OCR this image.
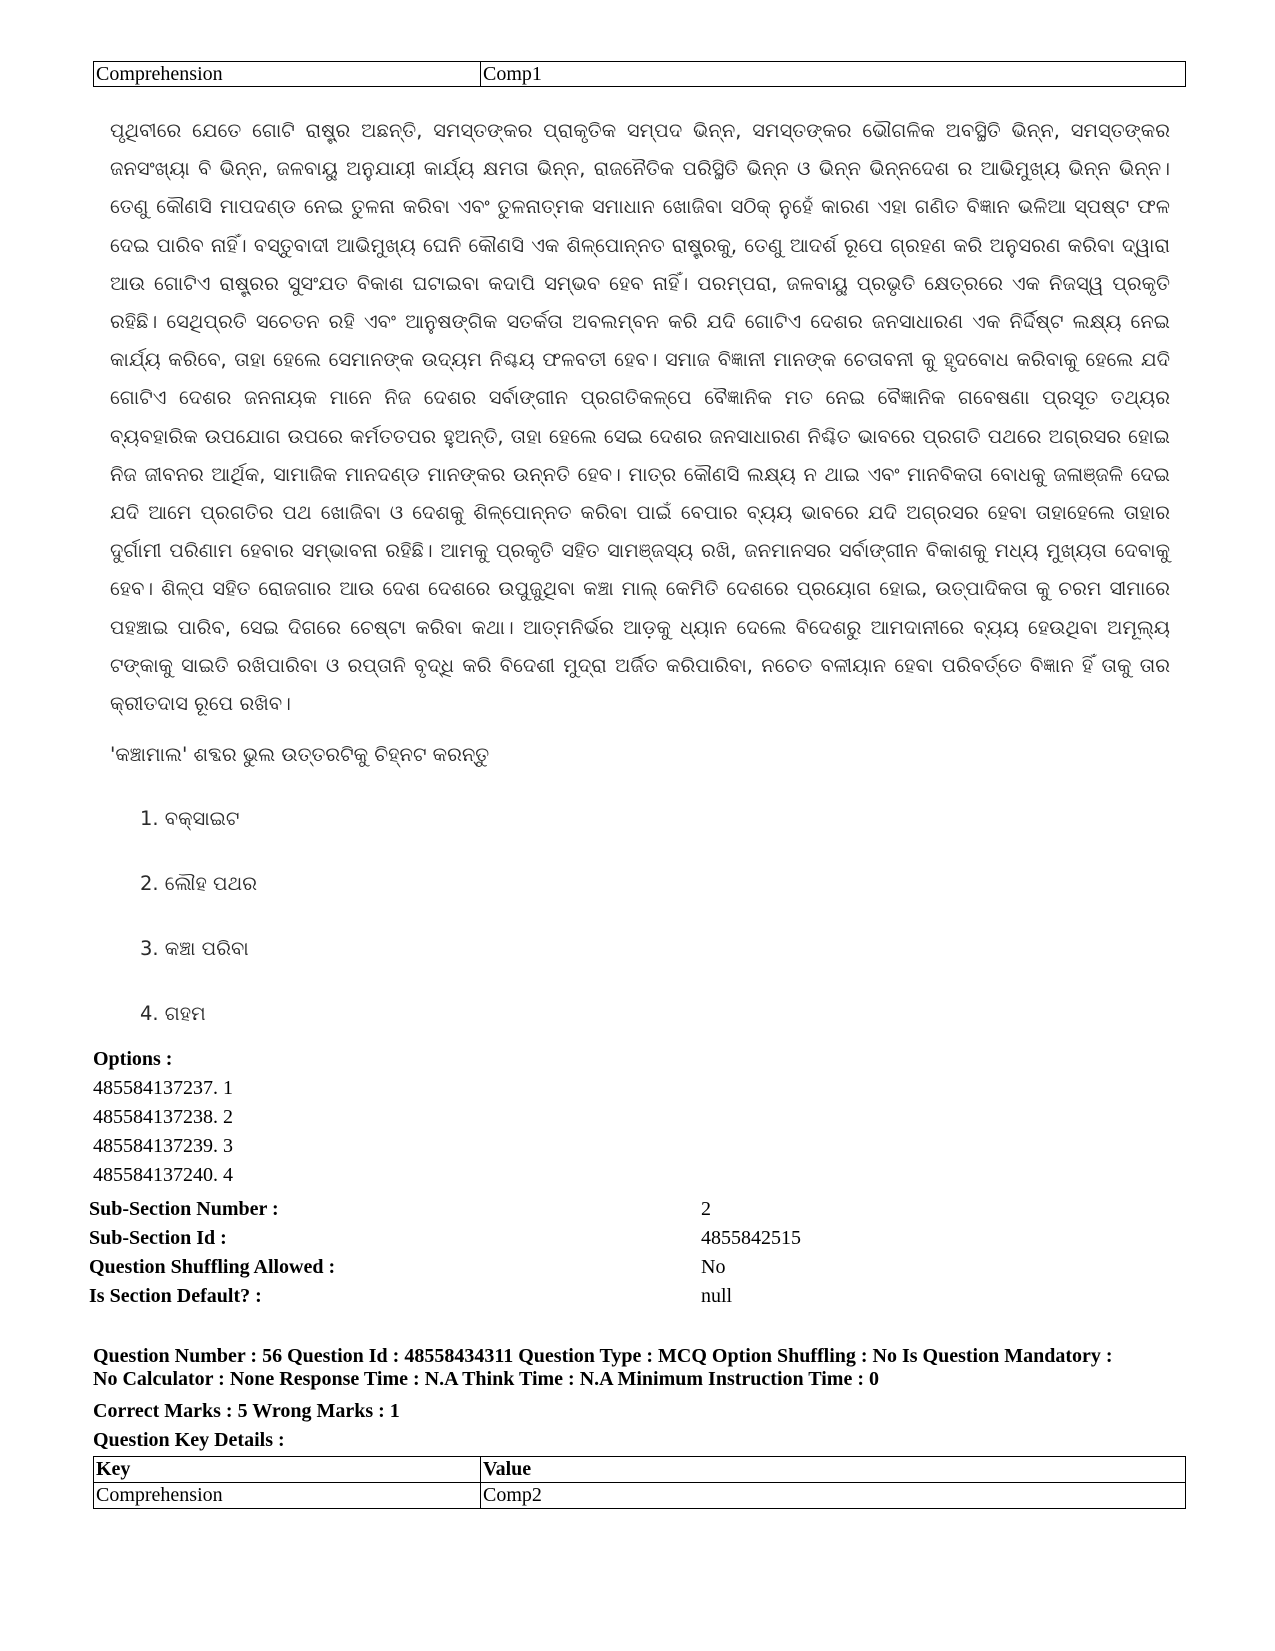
Comprehension	Comp1
ପୃଥିବୀରେ ଯେତେ ଗୋଟି ରାଷ୍ଟ୍ର ଅଛନ୍ତି, ସମସ୍ତଙ୍କର ପ୍ରାକୃତିକ ସମ୍ପଦ ଭିନ୍ନ, ସମସ୍ତଙ୍କର ଭୌଗଳିକ ଅବସ୍ଥିତି ଭିନ୍ନ, ସମସ୍ତଙ୍କର ଜନସଂଖ୍ୟା ବି ଭିନ୍ନ, ଜଳବାୟୁ ଅନୁଯାୟୀ କାର୍ଯ୍ୟ କ୍ଷମତା ଭିନ୍ନ, ରାଜନୈତିକ ପରିସ୍ଥିତି ଭିନ୍ନ ଓ ଭିନ୍ନ ଭିନ୍ନଦେଶ ର ଆଭିମୁଖ୍ୟ ଭିନ୍ନ ଭିନ୍ନ। ତେଣୁ କୌଣସି ମାପଦଣ୍ଡ ନେଇ ତୁଳନା କରିବା ଏବଂ ତୁଳନାତ୍ମକ ସମାଧାନ ଖୋଜିବା ସଠିକ୍ ନୁହେଁ କାରଣ ଏହା ଗଣିତ ବିଜ୍ଞାନ ଭଳିଆ ସ୍ପଷ୍ଟ ଫଳ ଦେଇ ପାରିବ ନାହିଁ। ବସ୍ତୁବାଦୀ ଆଭିମୁଖ୍ୟ ଘେନି କୌଣସି ଏକ ଶିଳ୍ପୋନ୍ନତ ରାଷ୍ଟ୍ରକୁ, ତେଣୁ ଆଦର୍ଶ ରୂପେ ଗ୍ରହଣ କରି ଅନୁସରଣ କରିବା ଦ୍ୱାରା ଆଉ ଗୋଟିଏ ରାଷ୍ଟ୍ରର ସୁସଂଯତ ବିକାଶ ଘଟାଇବା କଦାପି ସମ୍ଭବ ହେବ ନାହିଁ। ପରମ୍ପରା, ଜଳବାୟୁ ପ୍ରଭୃତି କ୍ଷେତ୍ରରେ ଏକ ନିଜସ୍ୱ ପ୍ରକୃତି ରହିଛି। ସେଥିପ୍ରତି ସଚେତନ ରହି ଏବଂ ଆନୁଷଙ୍ଗିକ ସତର୍କତା ଅବଲମ୍ବନ କରି ଯଦି ଗୋଟିଏ ଦେଶର ଜନସାଧାରଣ ଏକ ନିର୍ଦ୍ଦିଷ୍ଟ ଲକ୍ଷ୍ୟ ନେଇ କାର୍ଯ୍ୟ କରିବେ, ତାହା ହେଲେ ସେମାନଙ୍କ ଉଦ୍ୟମ ନିଶ୍ଚୟ ଫଳବତୀ ହେବ। ସମାଜ ବିଜ୍ଞାନୀ ମାନଙ୍କ ଚେତାବନୀ କୁ ହୃଦବୋଧ କରିବାକୁ ହେଲେ ଯଦି ଗୋଟିଏ ଦେଶର ଜନନାୟକ ମାନେ ନିଜ ଦେଶର ସର୍ବାଙ୍ଗୀନ ପ୍ରଗତିକଳ୍ପେ ବୈଜ୍ଞାନିକ ମତ ନେଇ ବୈଜ୍ଞାନିକ ଗବେଷଣା ପ୍ରସୂତ ତଥ୍ୟର ବ୍ୟବହାରିକ ଉପଯୋଗ ଉପରେ କର୍ମତତପର ହୁଅନ୍ତି, ତାହା ହେଲେ ସେଇ ଦେଶର ଜନସାଧାରଣ ନିଶ୍ଚିତ ଭାବରେ ପ୍ରଗତି ପଥରେ ଅଗ୍ରସର ହୋଇ ନିଜ ଜୀବନର ଆର୍ଥିକ, ସାମାଜିକ ମାନଦଣ୍ଡ ମାନଙ୍କର ଉନ୍ନତି ହେବ। ମାତ୍ର କୌଣସି ଲକ୍ଷ୍ୟ ନ ଥାଇ ଏବଂ ମାନବିକତା ବୋଧକୁ ଜଳାଞ୍ଜଳି ଦେଇ ଯଦି ଆମେ ପ୍ରଗତିର ପଥ ଖୋଜିବା ଓ ଦେଶକୁ ଶିଳ୍ପୋନ୍ନତ କରିବା ପାଇଁ ବେପାର ବ୍ୟୟ ଭାବରେ ଯଦି ଅଗ୍ରସର ହେବା ତାହାହେଲେ ତାହାର ଦୁର୍ଗାମୀ ପରିଣାମ ହେବାର ସମ୍ଭାବନା ରହିଛି। ଆମକୁ ପ୍ରକୃତି ସହିତ ସାମଞ୍ଜସ୍ୟ ରଖି, ଜନମାନସର ସର୍ବାଙ୍ଗୀନ ବିକାଶକୁ ମଧ୍ୟ ମୁଖ୍ୟତା ଦେବାକୁ ହେବ। ଶିଳ୍ପ ସହିତ ରୋଜଗାର ଆଉ ଦେଶ ଦେଶରେ ଉପୁଜୁଥିବା କଞ୍ଚା ମାଲ୍ କେମିତି ଦେଶରେ ପ୍ରୟୋଗ ହୋଇ, ଉତ୍ପାଦିକତା କୁ ଚରମ ସୀମାରେ ପହଞ୍ଚାଇ ପାରିବ, ସେଇ ଦିଗରେ ଚେଷ୍ଟା କରିବା କଥା। ଆତ୍ମନିର୍ଭର ଆଡ଼କୁ ଧ୍ୟାନ ଦେଲେ ବିଦେଶରୁ ଆମଦାନୀରେ ବ୍ୟୟ ହେଉଥିବା ଅମୂଲ୍ୟ ଟଙ୍କାକୁ ସାଇତି ରଖିପାରିବା ଓ ରପ୍ତାନି ବୃଦ୍ଧି କରି ବିଦେଶୀ ମୁଦ୍ରା ଅର୍ଜିତ କରିପାରିବା, ନଚେତ ବଳୀୟାନ ହେବା ପରିବର୍ତ୍ତେ ବିଜ୍ଞାନ ହିଁ ତାକୁ ତାର କ୍ରୀତଦାସ ରୂପେ ରଖିବ।
'କଞ୍ଚାମାଲ' ଶବ୍ଦର ଭୁଲ ଉତ୍ତରଟିକୁ ଚିହ୍ନଟ କରନ୍ତୁ
1. ବକ୍ସାଇଟ
2. ଲୌହ ପଥର
3. କଞ୍ଚା ପରିବା
4. ଗହମ
Options :
485584137237. 1
485584137238. 2
485584137239. 3
485584137240. 4
Sub-Section Number :	2
Sub-Section Id :	4855842515
Question Shuffling Allowed :	No
Is Section Default? :	null
Question Number : 56 Question Id : 48558434311 Question Type : MCQ Option Shuffling : No Is Question Mandatory :
No Calculator : None Response Time : N.A Think Time : N.A Minimum Instruction Time : 0
Correct Marks : 5 Wrong Marks : 1
Question Key Details :
Key	Value
Comprehension	Comp2
